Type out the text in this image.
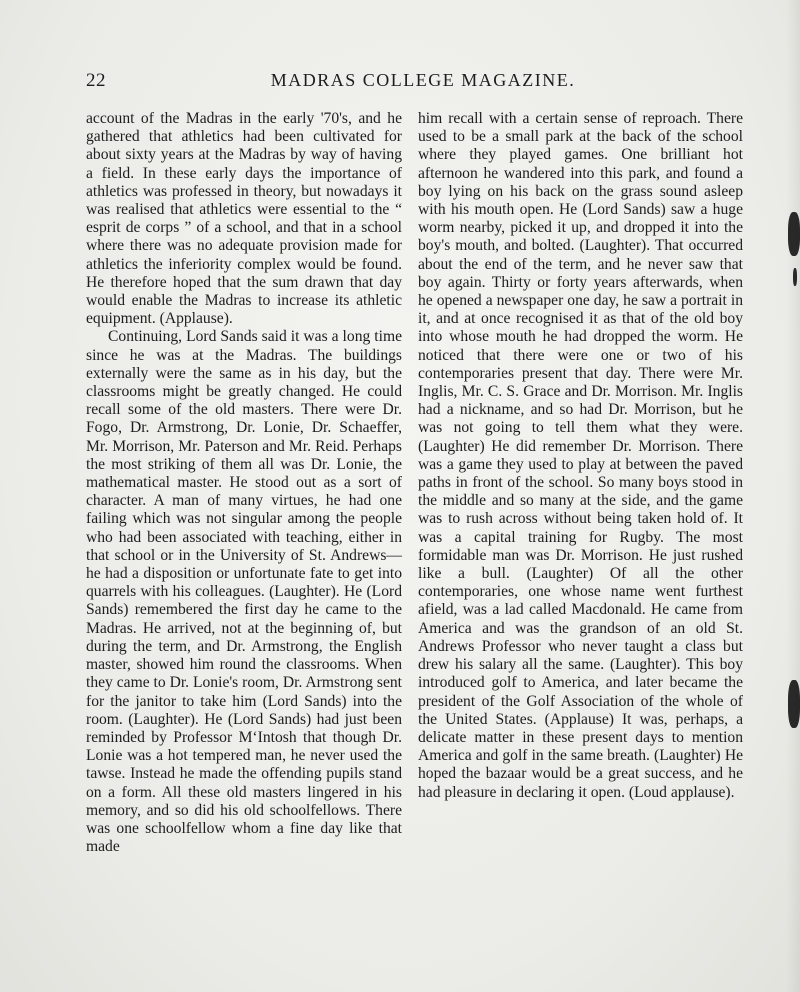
22	MADRAS COLLEGE MAGAZINE.

account of the Madras in the early '70's, and he gathered that athletics had been cultivated for about sixty years at the Madras by way of having a field. In these early days the importance of athletics was professed in theory, but nowadays it was realised that athletics were essential to the “ esprit de corps ” of a school, and that in a school where there was no adequate provision made for athletics the inferiority complex would be found. He therefore hoped that the sum drawn that day would enable the Madras to increase its athletic equipment. (Applause).

Continuing, Lord Sands said it was a long time since he was at the Madras. The buildings externally were the same as in his day, but the classrooms might be greatly changed. He could recall some of the old masters. There were Dr. Fogo, Dr. Armstrong, Dr. Lonie, Dr. Schaeffer, Mr. Morrison, Mr. Paterson and Mr. Reid. Perhaps the most striking of them all was Dr. Lonie, the mathematical master. He stood out as a sort of character. A man of many virtues, he had one failing which was not singular among the people who had been associated with teaching, either in that school or in the University of St. Andrews—he had a disposition or unfortunate fate to get into quarrels with his colleagues. (Laughter). He (Lord Sands) remembered the first day he came to the Madras. He arrived, not at the beginning of, but during the term, and Dr. Armstrong, the English master, showed him round the classrooms. When they came to Dr. Lonie's room, Dr. Armstrong sent for the janitor to take him (Lord Sands) into the room. (Laughter). He (Lord Sands) had just been reminded by Professor M‘Intosh that though Dr. Lonie was a hot tempered man, he never used the tawse. Instead he made the offending pupils stand on a form. All these old masters lingered in his memory, and so did his old schoolfellows. There was one schoolfellow whom a fine day like that made

him recall with a certain sense of reproach. There used to be a small park at the back of the school where they played games. One brilliant hot afternoon he wandered into this park, and found a boy lying on his back on the grass sound asleep with his mouth open. He (Lord Sands) saw a huge worm nearby, picked it up, and dropped it into the boy's mouth, and bolted. (Laughter). That occurred about the end of the term, and he never saw that boy again. Thirty or forty years afterwards, when he opened a newspaper one day, he saw a portrait in it, and at once recognised it as that of the old boy into whose mouth he had dropped the worm. He noticed that there were one or two of his contemporaries present that day. There were Mr. Inglis, Mr. C. S. Grace and Dr. Morrison. Mr. Inglis had a nickname, and so had Dr. Morrison, but he was not going to tell them what they were. (Laughter) He did remember Dr. Morrison. There was a game they used to play at between the paved paths in front of the school. So many boys stood in the middle and so many at the side, and the game was to rush across without being taken hold of. It was a capital training for Rugby. The most formidable man was Dr. Morrison. He just rushed like a bull. (Laughter) Of all the other contemporaries, one whose name went furthest afield, was a lad called Macdonald. He came from America and was the grandson of an old St. Andrews Professor who never taught a class but drew his salary all the same. (Laughter). This boy introduced golf to America, and later became the president of the Golf Association of the whole of the United States. (Applause) It was, perhaps, a delicate matter in these present days to mention America and golf in the same breath. (Laughter) He hoped the bazaar would be a great success, and he had pleasure in declaring it open. (Loud applause).
